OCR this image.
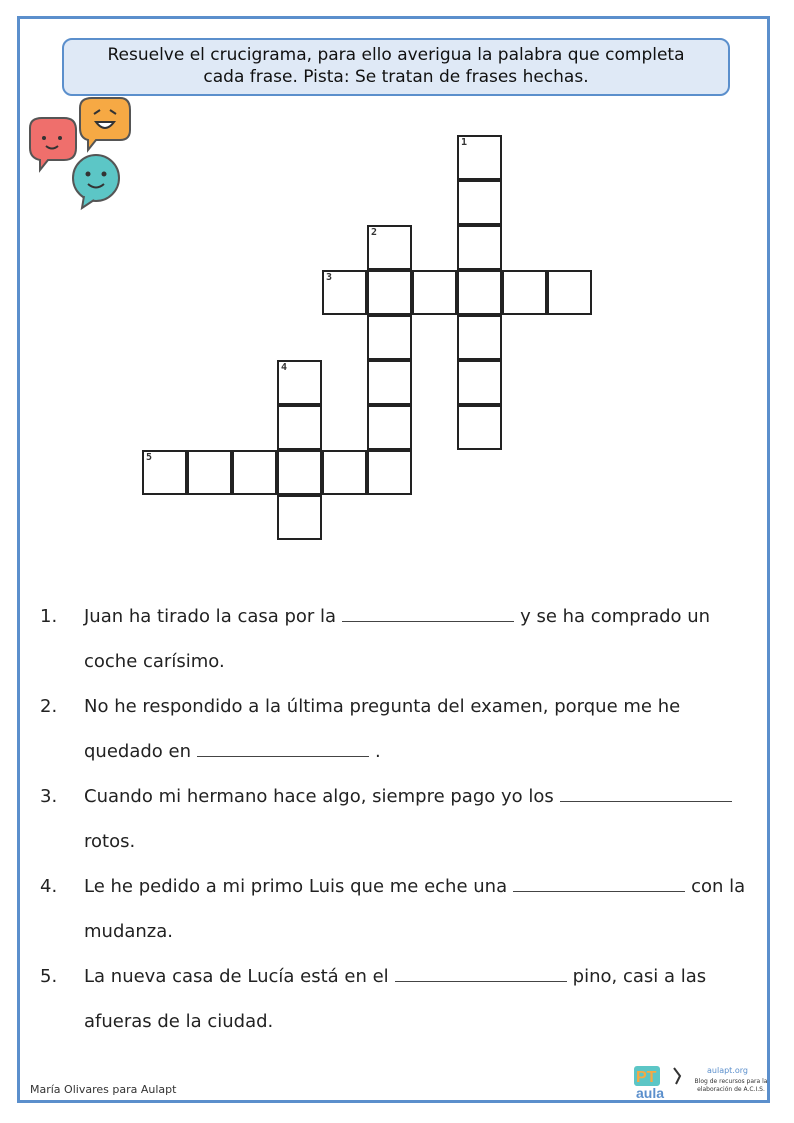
Resuelve el crucigrama, para ello averigua la palabra que completa
cada frase. Pista: Se tratan de frases hechas.
1
2
3
4
5
1.	Juan ha tirado la casa por la	y se ha comprado un coche carísimo.
2.	No he respondido a la última pregunta del examen, porque me he quedado en	.
3.	Cuando mi hermano hace algo, siempre pago yo losrotos.
4.	Le he pedido a mi primo Luis que me eche una	con la mudanza.
5.	La nueva casa de Lucía está en el	pino, casi a las afueras de la ciudad.
María Olivares para Aulapt
PT
aula
aulapt.org
Blog de recursos para la elaboración de A.C.I.S.
